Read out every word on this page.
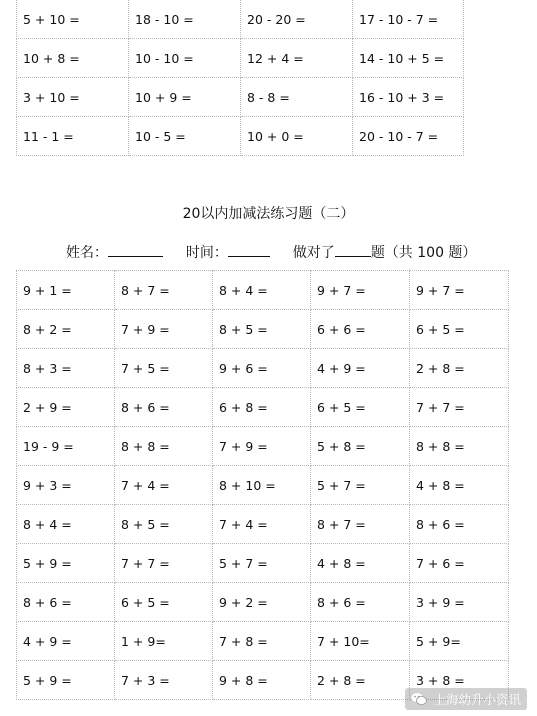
5 + 10 =	18 - 10 =	20 - 20 =	17 - 10 - 7 =
10 + 8 =	10 - 10 =	12 + 4 =	14 - 10 + 5 =
3 + 10 =	10 + 9 =	8 - 8 =	16 - 10 + 3 =
11 - 1 =	10 - 5 =	10 + 0 =	20 - 10 - 7 =
20以内加减法练习题（二）
姓名：	时间：	做对了	题（共 100 题）
9 + 1 =	8 + 7 =	8 + 4 =	9 + 7 =	9 + 7 =
8 + 2 =	7 + 9 =	8 + 5 =	6 + 6 =	6 + 5 =
8 + 3 =	7 + 5 =	9 + 6 =	4 + 9 =	2 + 8 =
2 + 9 =	8 + 6 =	6 + 8 =	6 + 5 =	7 + 7 =
19 - 9 =	8 + 8 =	7 + 9 =	5 + 8 =	8 + 8 =
9 + 3 =	7 + 4 =	8 + 10 =	5 + 7 =	4 + 8 =
8 + 4 =	8 + 5 =	7 + 4 =	8 + 7 =	8 + 6 =
5 + 9 =	7 + 7 =	5 + 7 =	4 + 8 =	7 + 6 =
8 + 6 =	6 + 5 =	9 + 2 =	8 + 6 =	3 + 9 =
4 + 9 =	1 + 9=	7 + 8 =	7 + 10=	5 + 9=
5 + 9 =	7 + 3 =	9 + 8 =	2 + 8 =	3 + 8 =
上海幼升小资讯
